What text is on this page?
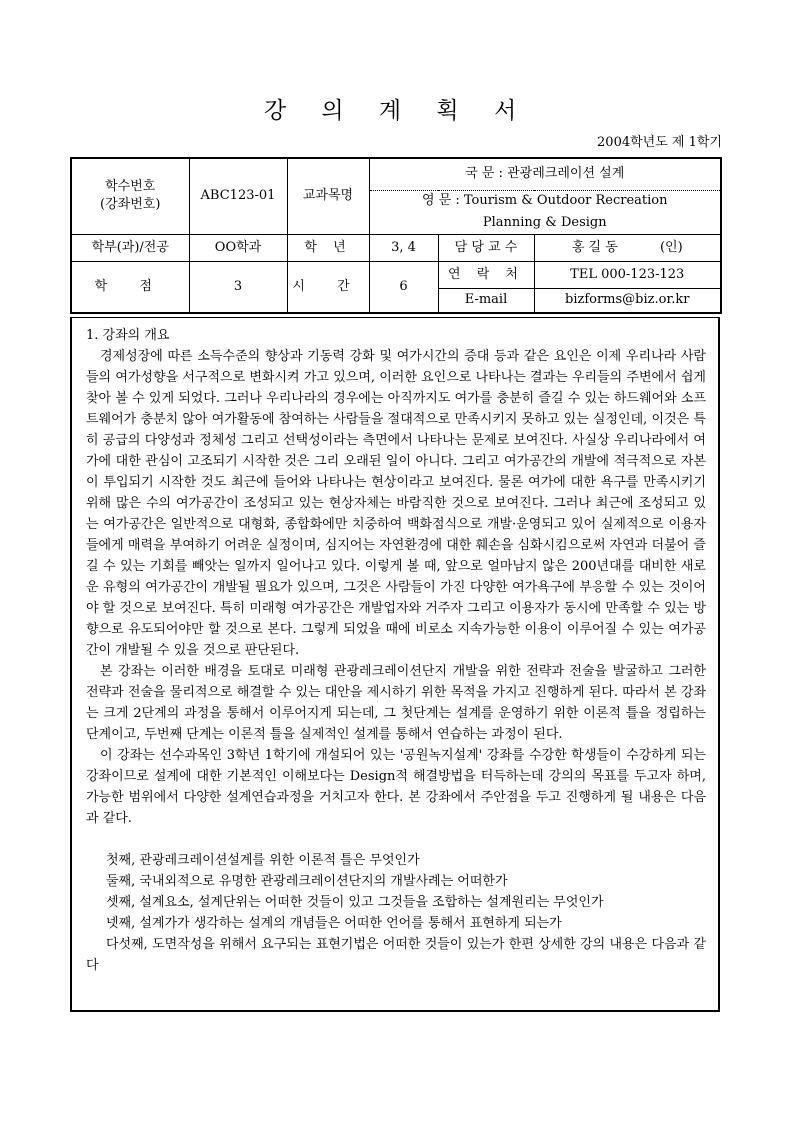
강 의 계 획 서
2004학년도 제 1학기
학수번호
(강좌번호)	ABC123-01	교과목명	국 문 : 관광레크레이션 설계		
			영 문 : Tourism & Outdoor Recreation		
			Planning & Design		
학부(과)/전공	OO학과	학 년	3, 4	담 당 교 수	홍 길 동 (인)
학 점	3	시 간	6	연 락 처	TEL 000-123-123
				E-mail	bizforms@biz.or.kr

1. 강좌의 개요

경제성장에 따른 소득수준의 향상과 기동력 강화 및 여가시간의 증대 등과 같은 요인은 이제 우리나라 사람들의 여가성향을 서구적으로 변화시켜 가고 있으며, 이러한 요인으로 나타나는 결과는 우리들의 주변에서 쉽게 찾아 볼 수 있게 되었다. 그러나 우리나라의 경우에는 아직까지도 여가를 충분히 즐길 수 있는 하드웨어와 소프트웨어가 충분치 않아 여가활동에 참여하는 사람들을 절대적으로 만족시키지 못하고 있는 실정인데, 이것은 특히 공급의 다양성과 정체성 그리고 선택성이라는 측면에서 나타나는 문제로 보여진다. 사실상 우리나라에서 여가에 대한 관심이 고조되기 시작한 것은 그리 오래된 일이 아니다. 그리고 여가공간의 개발에 적극적으로 자본이 투입되기 시작한 것도 최근에 들어와 나타나는 현상이라고 보여진다. 물론 여가에 대한 욕구를 만족시키기 위해 많은 수의 여가공간이 조성되고 있는 현상자체는 바람직한 것으로 보여진다. 그러나 최근에 조성되고 있는 여가공간은 일반적으로 대형화, 종합화에만 치중하여 백화점식으로 개발·운영되고 있어 실제적으로 이용자들에게 매력을 부여하기 어려운 실정이며, 심지어는 자연환경에 대한 훼손을 심화시킴으로써 자연과 더불어 즐길 수 있는 기회를 빼앗는 일까지 일어나고 있다. 이렇게 볼 때, 앞으로 얼마남지 않은 200년대를 대비한 새로운 유형의 여가공간이 개발될 필요가 있으며, 그것은 사람들이 가진 다양한 여가욕구에 부응할 수 있는 것이어야 할 것으로 보여진다. 특히 미래형 여가공간은 개발업자와 거주자 그리고 이용자가 동시에 만족할 수 있는 방향으로 유도되어야만 할 것으로 본다. 그렇게 되었을 때에 비로소 지속가능한 이용이 이루어질 수 있는 여가공간이 개발될 수 있을 것으로 판단된다.

본 강좌는 이러한 배경을 토대로 미래형 관광레크레이션단지 개발을 위한 전략과 전술을 발굴하고 그러한 전략과 전술을 물리적으로 해결할 수 있는 대안을 제시하기 위한 목적을 가지고 진행하게 된다. 따라서 본 강좌는 크게 2단계의 과정을 통해서 이루어지게 되는데, 그 첫단계는 설계를 운영하기 위한 이론적 틀을 정립하는 단계이고, 두번째 단계는 이론적 틀을 실제적인 설계를 통해서 연습하는 과정이 된다.

이 강좌는 선수과목인 3학년 1학기에 개설되어 있는 '공원녹지설계' 강좌를 수강한 학생들이 수강하게 되는 강좌이므로 설계에 대한 기본적인 이해보다는 Design적 해결방법을 터득하는데 강의의 목표를 두고자 하며, 가능한 범위에서 다양한 설계연습과정을 거치고자 한다. 본 강좌에서 주안점을 두고 진행하게 될 내용은 다음과 같다.

첫째, 관광레크레이션설계를 위한 이론적 틀은 무엇인가

둘째, 국내외적으로 유명한 관광레크레이션단지의 개발사례는 어떠한가

셋째, 설계요소, 설계단위는 어떠한 것들이 있고 그것들을 조합하는 설계원리는 무엇인가

넷째, 설계가가 생각하는 설계의 개념들은 어떠한 언어를 통해서 표현하게 되는가

다섯째, 도면작성을 위해서 요구되는 표현기법은 어떠한 것들이 있는가 한편 상세한 강의 내용은 다음과 같다
